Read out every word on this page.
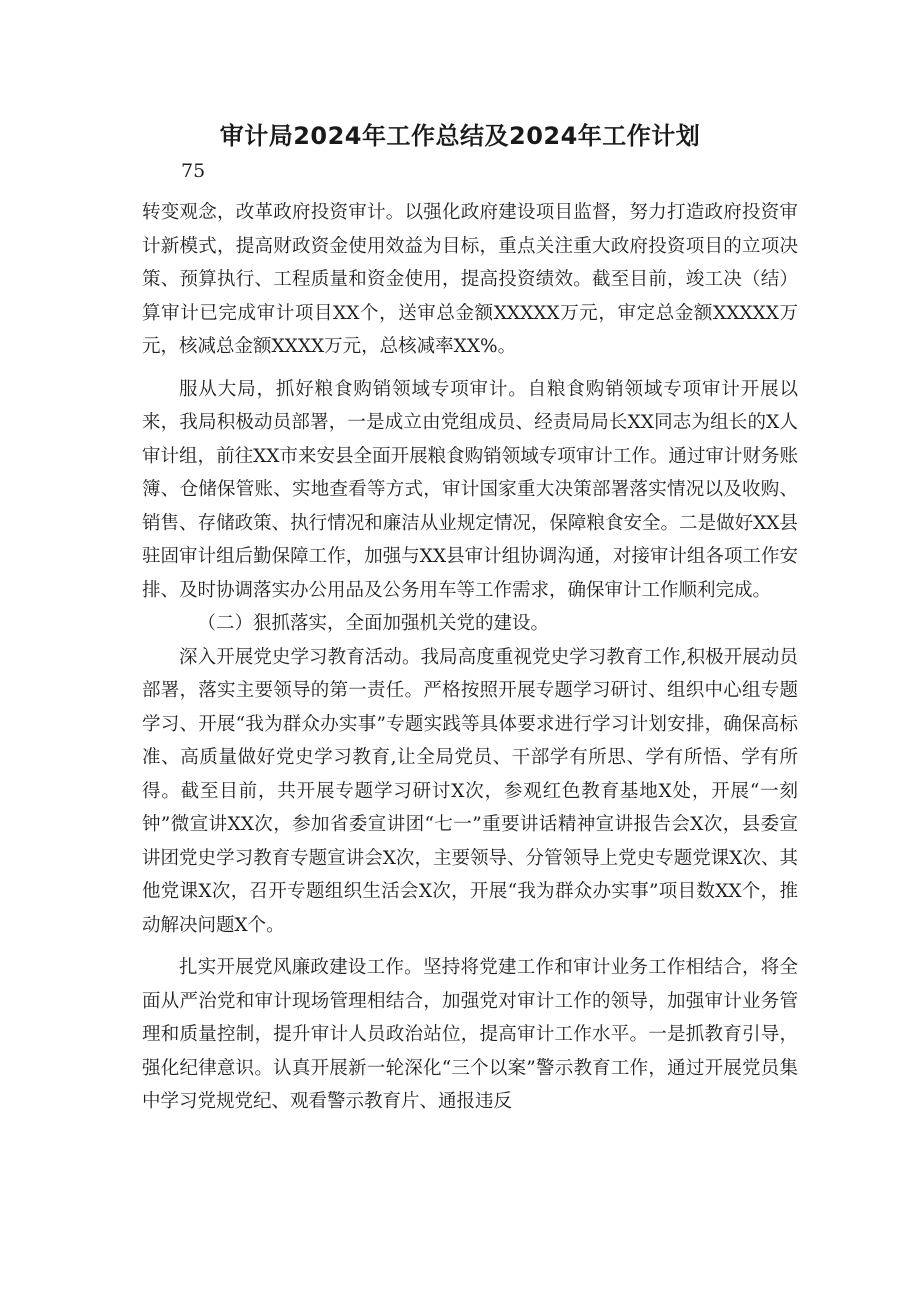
审计局2024年工作总结及2024年工作计划
75

转变观念，改革政府投资审计。以强化政府建设项目监督，努力打造政府投资审计新模式，提高财政资金使用效益为目标，重点关注重大政府投资项目的立项决策、预算执行、工程质量和资金使用，提高投资绩效。截至目前，竣工决（结）算审计已完成审计项目XX个，送审总金额XXXXX万元，审定总金额XXXXX万元，核减总金额XXXX万元，总核减率XX%。

服从大局，抓好粮食购销领域专项审计。自粮食购销领域专项审计开展以来，我局积极动员部署，一是成立由党组成员、经责局局长XX同志为组长的X人审计组，前往XX市来安县全面开展粮食购销领域专项审计工作。通过审计财务账簿、仓储保管账、实地查看等方式，审计国家重大决策部署落实情况以及收购、销售、存储政策、执行情况和廉洁从业规定情况，保障粮食安全。二是做好XX县驻固审计组后勤保障工作，加强与XX县审计组协调沟通，对接审计组各项工作安排、及时协调落实办公用品及公务用车等工作需求，确保审计工作顺利完成。

（二）狠抓落实，全面加强机关党的建设。

深入开展党史学习教育活动。我局高度重视党史学习教育工作,积极开展动员部署，落实主要领导的第一责任。严格按照开展专题学习研讨、组织中心组专题学习、开展“我为群众办实事”专题实践等具体要求进行学习计划安排，确保高标准、高质量做好党史学习教育,让全局党员、干部学有所思、学有所悟、学有所得。截至目前，共开展专题学习研讨X次，参观红色教育基地X处，开展“一刻钟”微宣讲XX次，参加省委宣讲团“七一”重要讲话精神宣讲报告会X次，县委宣讲团党史学习教育专题宣讲会X次，主要领导、分管领导上党史专题党课X次、其他党课X次，召开专题组织生活会X次，开展“我为群众办实事”项目数XX个，推动解决问题X个。

扎实开展党风廉政建设工作。坚持将党建工作和审计业务工作相结合，将全面从严治党和审计现场管理相结合，加强党对审计工作的领导，加强审计业务管理和质量控制，提升审计人员政治站位，提高审计工作水平。一是抓教育引导，强化纪律意识。认真开展新一轮深化“三个以案”警示教育工作，通过开展党员集中学习党规党纪、观看警示教育片、通报违反
